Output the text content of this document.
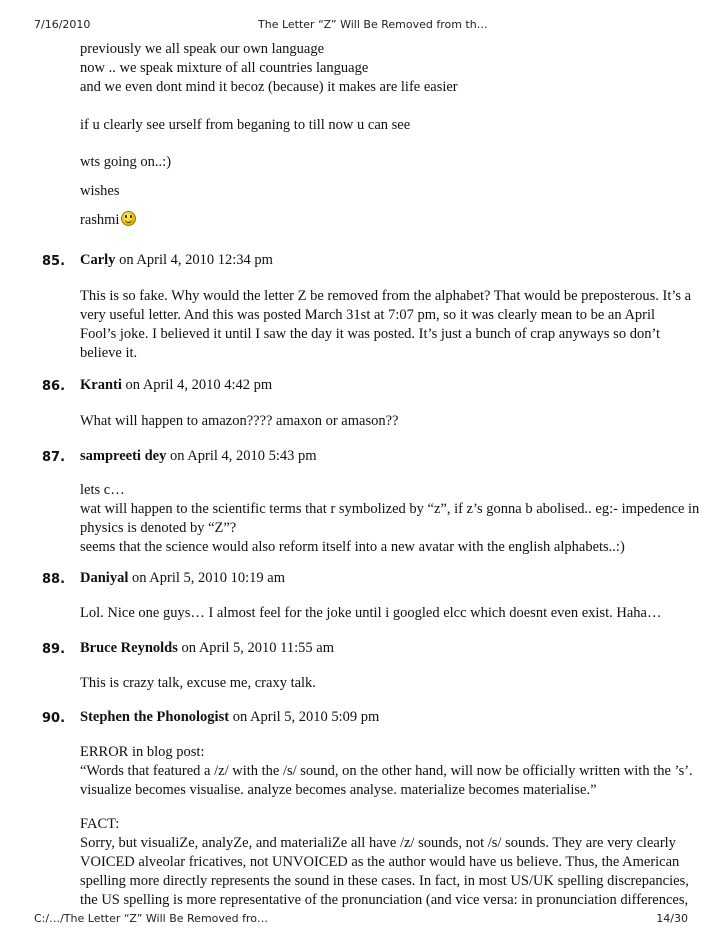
7/16/2010	The Letter “Z” Will Be Removed from th…
previously we all speak our own language
now .. we speak mixture of all countries language
and we even dont mind it becoz (because) it makes are life easier
if u clearly see urself from beganing to till now u can see
wts going on..:)
wishes
rashmi
85.	Carly on April 4, 2010 12:34 pm
This is so fake. Why would the letter Z be removed from the alphabet? That would be preposterous. It’s a
very useful letter. And this was posted March 31st at 7:07 pm, so it was clearly mean to be an April
Fool’s joke. I believed it until I saw the day it was posted. It’s just a bunch of crap anyways so don’t
believe it.
86.	Kranti on April 4, 2010 4:42 pm
What will happen to amazon???? amaxon or amason??
87.	sampreeti dey on April 4, 2010 5:43 pm
lets c…
wat will happen to the scientific terms that r symbolized by “z”, if z’s gonna b abolised.. eg:- impedence in
physics is denoted by “Z”?
seems that the science would also reform itself into a new avatar with the english alphabets..:)
88.	Daniyal on April 5, 2010 10:19 am
Lol. Nice one guys… I almost feel for the joke until i googled elcc which doesnt even exist. Haha…
89.	Bruce Reynolds on April 5, 2010 11:55 am
This is crazy talk, excuse me, craxy talk.
90.	Stephen the Phonologist on April 5, 2010 5:09 pm
ERROR in blog post:
“Words that featured a /z/ with the /s/ sound, on the other hand, will now be officially written with the ’s’.
visualize becomes visualise. analyze becomes analyse. materialize becomes materialise.”
FACT:
Sorry, but visualiZe, analyZe, and materialiZe all have /z/ sounds, not /s/ sounds. They are very clearly
VOICED alveolar fricatives, not UNVOICED as the author would have us believe. Thus, the American
spelling more directly represents the sound in these cases. In fact, in most US/UK spelling discrepancies,
the US spelling is more representative of the pronunciation (and vice versa: in pronunciation differences,
C:/…/The Letter “Z” Will Be Removed fro…	14/30
